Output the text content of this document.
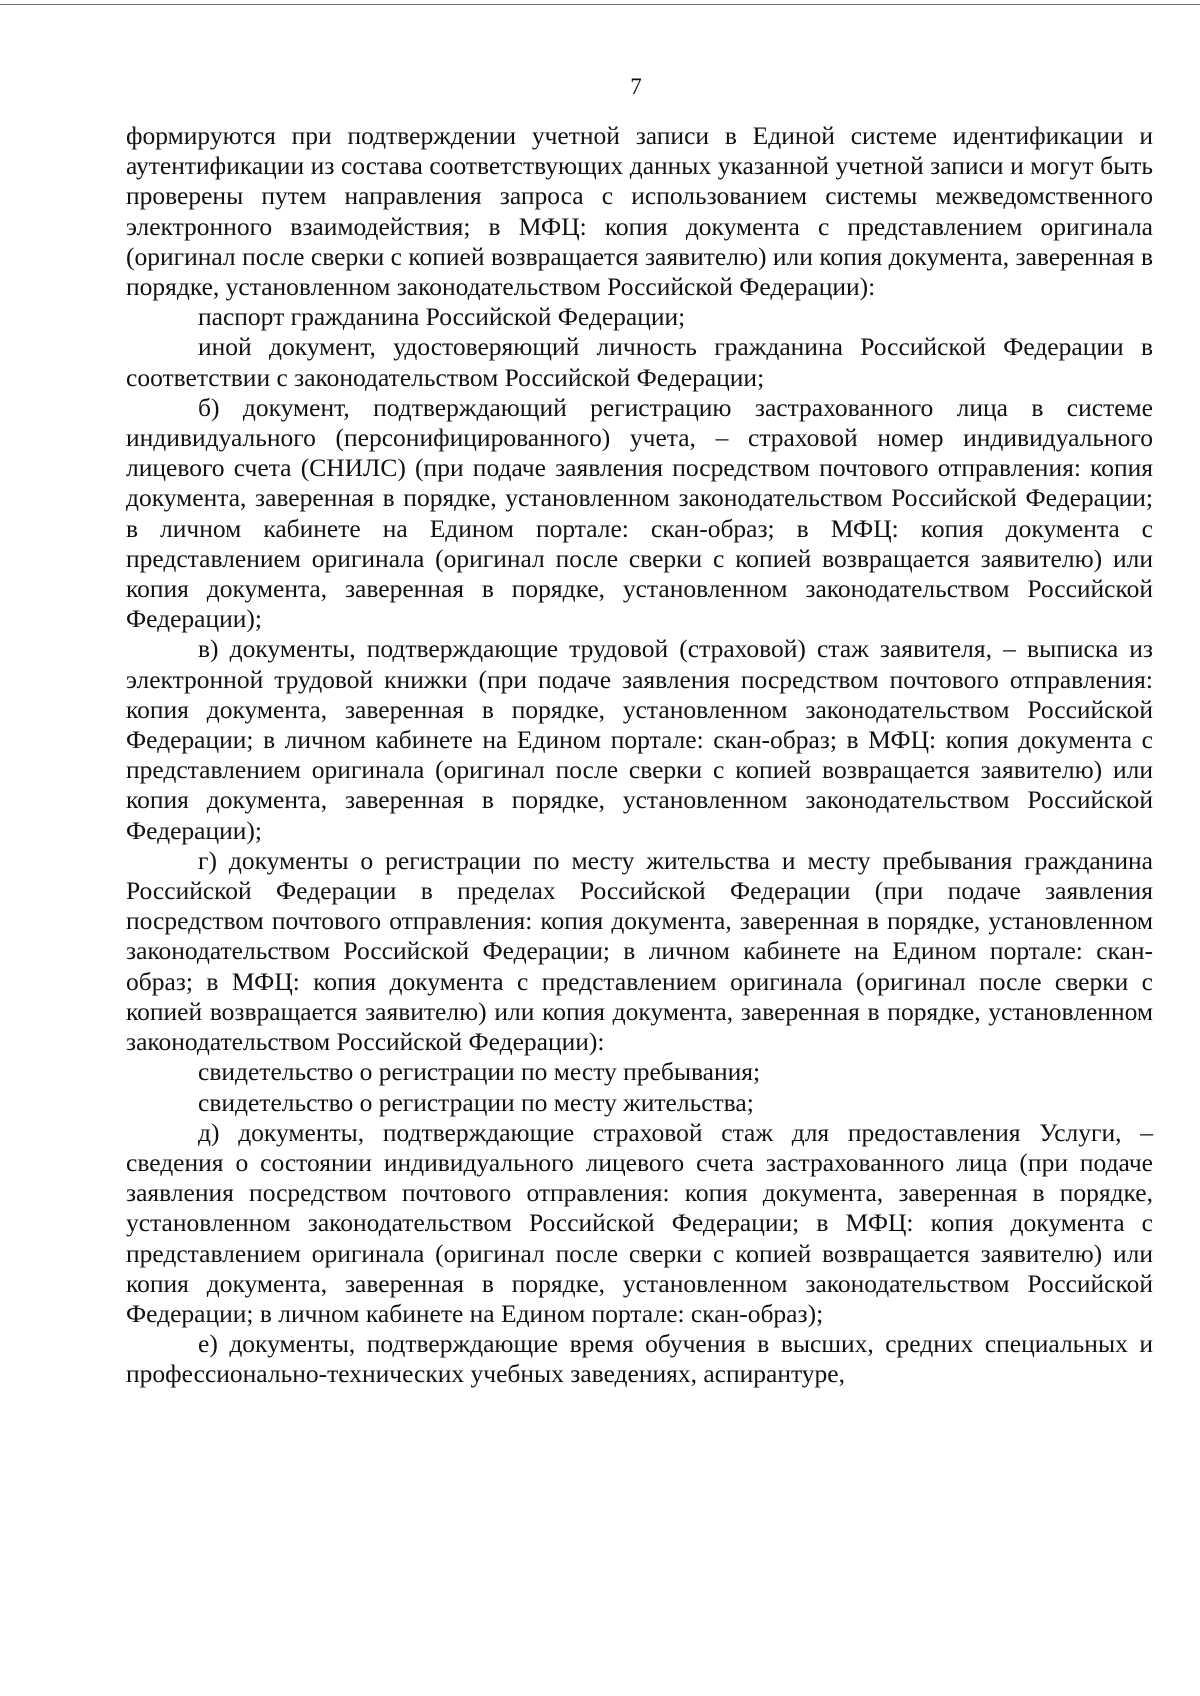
7

формируются при подтверждении учетной записи в Единой системе идентификации и аутентификации из состава соответствующих данных указанной учетной записи и могут быть проверены путем направления запроса с использованием системы межведомственного электронного взаимодействия; в МФЦ: копия документа с представлением оригинала (оригинал после сверки с копией возвращается заявителю) или копия документа, заверенная в порядке, установленном законодательством Российской Федерации):

паспорт гражданина Российской Федерации;

иной документ, удостоверяющий личность гражданина Российской Федерации в соответствии с законодательством Российской Федерации;

б) документ, подтверждающий регистрацию застрахованного лица в системе индивидуального (персонифицированного) учета, – страховой номер индивидуального лицевого счета (СНИЛС) (при подаче заявления посредством почтового отправления: копия документа, заверенная в порядке, установленном законодательством Российской Федерации; в личном кабинете на Едином портале: скан-образ; в МФЦ: копия документа с представлением оригинала (оригинал после сверки с копией возвращается заявителю) или копия документа, заверенная в порядке, установленном законодательством Российской Федерации);

в) документы, подтверждающие трудовой (страховой) стаж заявителя, – выписка из электронной трудовой книжки (при подаче заявления посредством почтового отправления: копия документа, заверенная в порядке, установленном законодательством Российской Федерации; в личном кабинете на Едином портале: скан-образ; в МФЦ: копия документа с представлением оригинала (оригинал после сверки с копией возвращается заявителю) или копия документа, заверенная в порядке, установленном законодательством Российской Федерации);

г) документы о регистрации по месту жительства и месту пребывания гражданина Российской Федерации в пределах Российской Федерации (при подаче заявления посредством почтового отправления: копия документа, заверенная в порядке, установленном законодательством Российской Федерации; в личном кабинете на Едином портале: скан-образ; в МФЦ: копия документа с представлением оригинала (оригинал после сверки с копией возвращается заявителю) или копия документа, заверенная в порядке, установленном законодательством Российской Федерации):

свидетельство о регистрации по месту пребывания;

свидетельство о регистрации по месту жительства;

д) документы, подтверждающие страховой стаж для предоставления Услуги, – сведения о состоянии индивидуального лицевого счета застрахованного лица (при подаче заявления посредством почтового отправления: копия документа, заверенная в порядке, установленном законодательством Российской Федерации; в МФЦ: копия документа с представлением оригинала (оригинал после сверки с копией возвращается заявителю) или копия документа, заверенная в порядке, установленном законодательством Российской Федерации; в личном кабинете на Едином портале: скан-образ);

е) документы, подтверждающие время обучения в высших, средних специальных и профессионально-технических учебных заведениях, аспирантуре,
